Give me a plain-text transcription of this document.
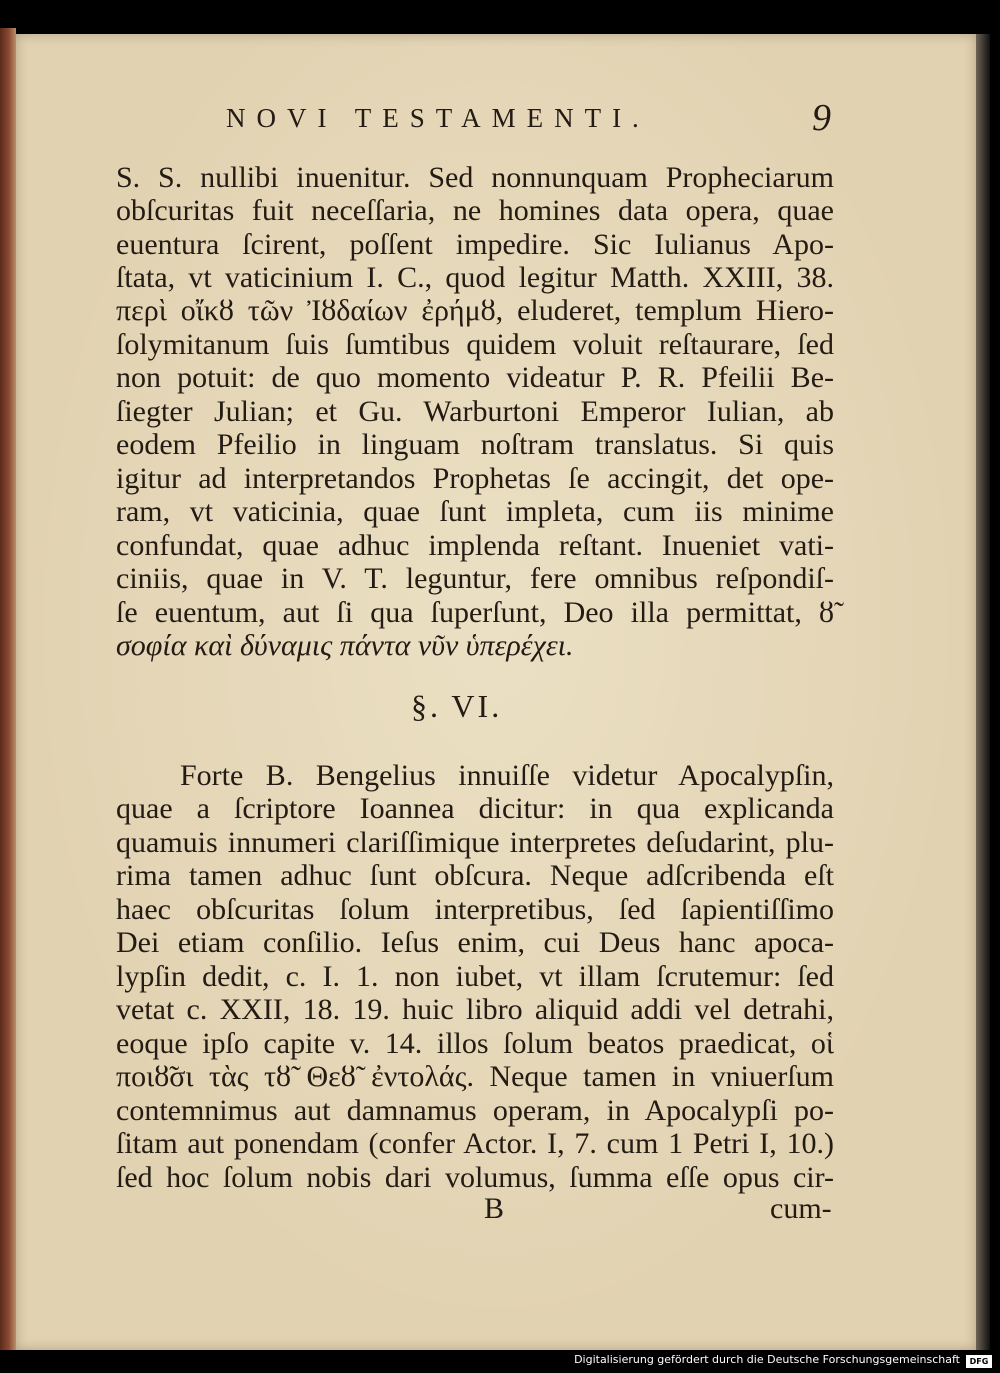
NOVI TESTAMENTI.	9
S. S. nullibi inuenitur. Sed nonnunquam Propheciarum
obſcuritas fuit neceſſaria, ne homines data opera, quae
euentura ſcirent, poſſent impedire. Sic Iulianus Apo-
ſtata, vt vaticinium I. C., quod legitur Matth. XXIII, 38.
περὶ οἴκȣ τῶν Ἰȣδαίων ἐρήμȣ, eluderet, templum Hiero-
ſolymitanum ſuis ſumtibus quidem voluit reſtaurare, ſed
non potuit: de quo momento videatur P. R. Pfeilii Be-
ſiegter Julian; et Gu. Warburtoni Emperor Iulian, ab
eodem Pfeilio in linguam noſtram translatus. Si quis
igitur ad interpretandos Prophetas ſe accingit, det ope-
ram, vt vaticinia, quae ſunt impleta, cum iis minime
confundat, quae adhuc implenda reſtant. Inueniet vati-
ciniis, quae in V. T. leguntur, fere omnibus reſpondiſ-
ſe euentum, aut ſi qua ſuperſunt, Deo illa permittat, ȣ̃
σοφία καὶ δύναμις πάντα νῦν ὑπερέχει.
§. VI.
Forte B. Bengelius innuiſſe videtur Apocalypſin,
quae a ſcriptore Ioannea dicitur: in qua explicanda
quamuis innumeri clariſſimique interpretes deſudarint, plu-
rima tamen adhuc ſunt obſcura. Neque adſcribenda eſt
haec obſcuritas ſolum interpretibus, ſed ſapientiſſimo
Dei etiam conſilio. Ieſus enim, cui Deus hanc apoca-
lypſin dedit, c. I. 1. non iubet, vt illam ſcrutemur: ſed
vetat c. XXII, 18. 19. huic libro aliquid addi vel detrahi,
eoque ipſo capite v. 14. illos ſolum beatos praedicat, οἱ
ποιȣ̃σι τὰς τȣ̃ Θεȣ̃ ἐντολάς. Neque tamen in vniuerſum
contemnimus aut damnamus operam, in Apocalypſi po-
ſitam aut ponendam (confer Actor. I, 7. cum 1 Petri I, 10.)
ſed hoc ſolum nobis dari volumus, ſumma eſſe opus cir-
B	cum-
Digitalisierung gefördert durch die Deutsche Forschungsgemeinschaft	DFG
